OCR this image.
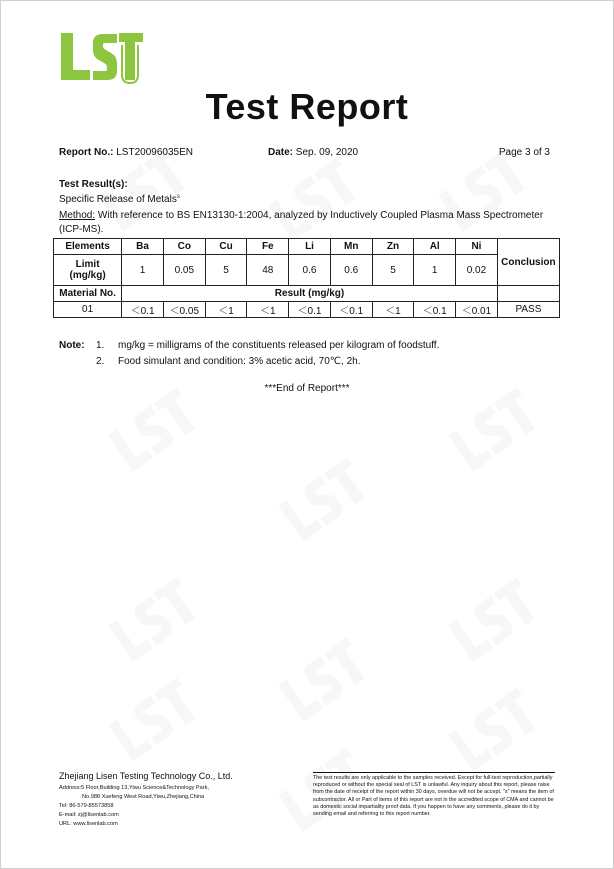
Test Report
Report No.: LST20096035EN	Date: Sep. 09, 2020	Page 3 of 3
Test Result(s):
Specific Release of Metals$^s$
Method: With reference to BS EN13130-1:2004, analyzed by Inductively Coupled Plasma Mass Spectrometer (ICP-MS).
Elements	Ba	Co	Cu	Fe	Li	Mn	Zn	Al	Ni	Conclusion
Limit
(mg/kg)	1	0.05	5	48	0.6	0.6	5	1	0.02	
Material No.	Result (mg/kg)									
01	＜0.1	＜0.05	＜1	＜1	＜0.1	＜0.1	＜1	＜0.1	＜0.01	PASS
Note: 1. mg/kg = milligrams of the constituents released per kilogram of foodstuff.
2. Food simulant and condition: 3% acetic acid, 70℃, 2h.
***End of Report***
Zhejiang Lisen Testing Technology Co., Ltd.
Address:5 Floor,Building 13,Yiwu Science&Technology Park,
No.988 Xuefeng West Road,Yiwu,Zhejiang,China
Tel: 86-579-85573858
E-mail: zj@lisenlab.com
URL: www.lisenlab.com
The test results are only applicable to the samples received. Except for full-text reproduction,partially reproduced or without the special seal of LST is unlawful. Any inquiry about this report, please raise from the date of receipt of the report within 30 days, overdue will not be accept. "s" means the item of subcontractor. All or Part of items of this report are not in the accredited scope of CMA and cannot be as domestic social impartiality proof data. If you happen to have any comments, please do it by sending email and referring to this report number.
